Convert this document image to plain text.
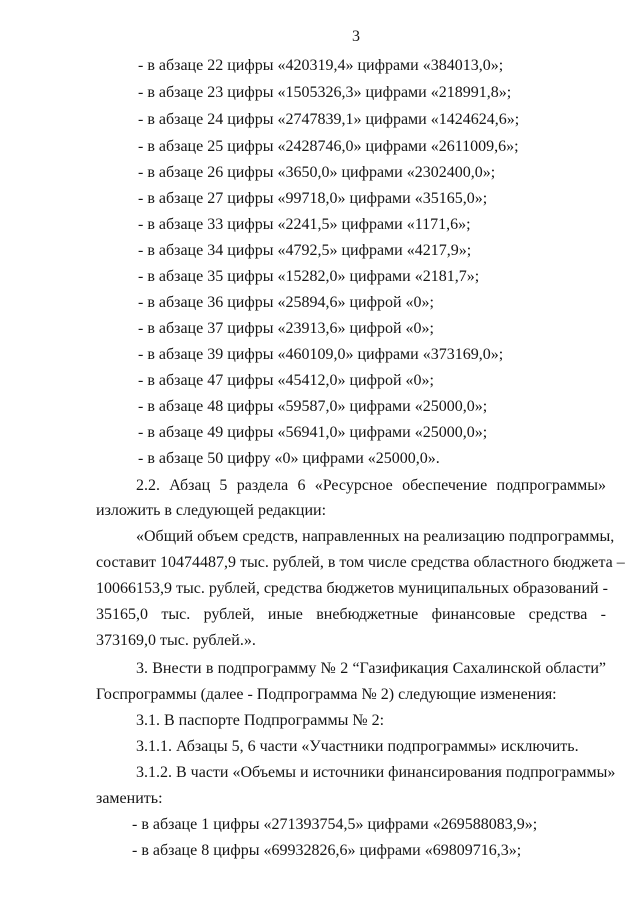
3
- в абзаце 22 цифры «420319,4» цифрами «384013,0»;
- в абзаце 23 цифры «1505326,3» цифрами «218991,8»;
- в абзаце 24 цифры «2747839,1» цифрами «1424624,6»;
- в абзаце 25 цифры «2428746,0» цифрами «2611009,6»;
- в абзаце 26 цифры «3650,0» цифрами «2302400,0»;
- в абзаце 27 цифры «99718,0» цифрами «35165,0»;
- в абзаце 33 цифры «2241,5» цифрами «1171,6»;
- в абзаце 34 цифры «4792,5» цифрами «4217,9»;
- в абзаце 35 цифры «15282,0» цифрами «2181,7»;
- в абзаце 36 цифры «25894,6» цифрой «0»;
- в абзаце 37 цифры «23913,6» цифрой «0»;
- в абзаце 39 цифры «460109,0» цифрами «373169,0»;
- в абзаце 47 цифры «45412,0» цифрой «0»;
- в абзаце 48 цифры «59587,0» цифрами «25000,0»;
- в абзаце 49 цифры «56941,0» цифрами «25000,0»;
- в абзаце 50 цифру «0» цифрами «25000,0».
2.2. Абзац 5 раздела 6 «Ресурсное обеспечение подпрограммы»
изложить в следующей редакции:
«Общий объем средств, направленных на реализацию подпрограммы,
составит 10474487,9 тыс. рублей, в том числе средства областного бюджета –
10066153,9 тыс. рублей, средства бюджетов муниципальных образований -
35165,0 тыс. рублей, иные внебюджетные финансовые средства -
373169,0 тыс. рублей.».
3. Внести в подпрограмму № 2 “Газификация Сахалинской области”
Госпрограммы (далее - Подпрограмма № 2) следующие изменения:
3.1. В паспорте Подпрограммы № 2:
3.1.1. Абзацы 5, 6 части «Участники подпрограммы» исключить.
3.1.2. В части «Объемы и источники финансирования подпрограммы»
заменить:
- в абзаце 1 цифры «271393754,5» цифрами «269588083,9»;
- в абзаце 8 цифры «69932826,6» цифрами «69809716,3»;
